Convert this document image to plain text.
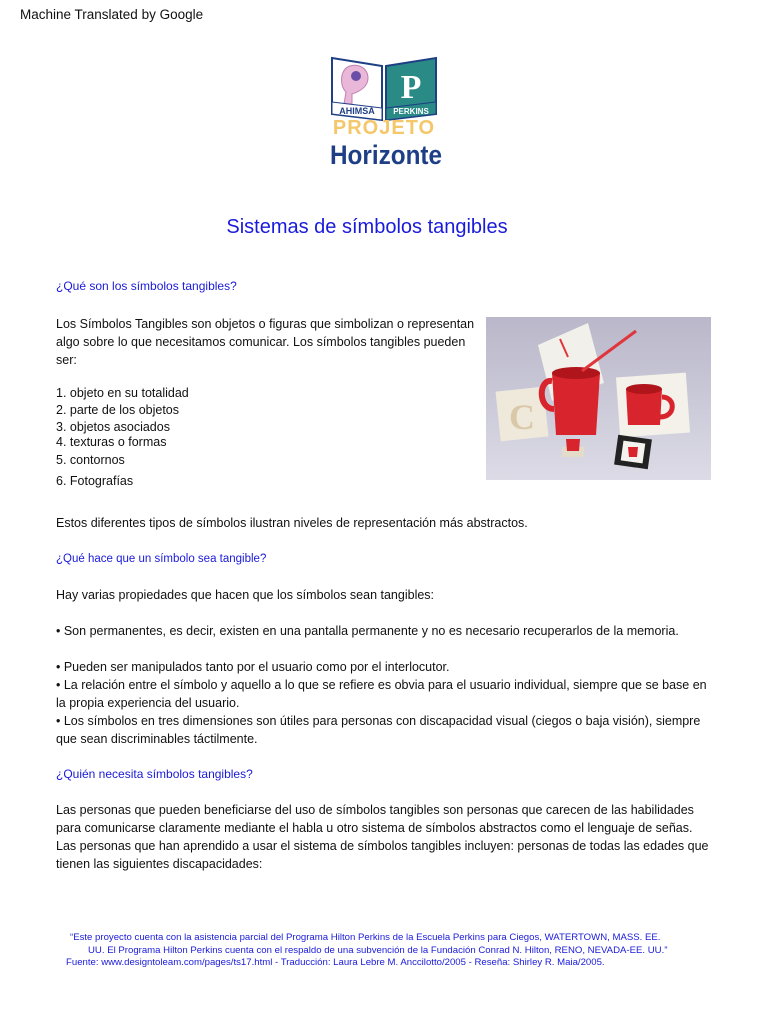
Machine Translated by Google
P
AHIMSA PERKINS
PROJETO
Horizonte
Sistemas de símbolos tangibles
¿Qué son los símbolos tangibles?
Los Símbolos Tangibles son objetos o figuras que simbolizan o representan algo sobre lo que necesitamos comunicar. Los símbolos tangibles pueden ser:
1. objeto en su totalidad
2. parte de los objetos
3. objetos asociados
4. texturas o formas
5. contornos
6. Fotografías
C
Estos diferentes tipos de símbolos ilustran niveles de representación más abstractos.
¿Qué hace que un símbolo sea tangible?
Hay varias propiedades que hacen que los símbolos sean tangibles:
• Son permanentes, es decir, existen en una pantalla permanente y no es necesario recuperarlos de la memoria.
• Pueden ser manipulados tanto por el usuario como por el interlocutor.
• La relación entre el símbolo y aquello a lo que se refiere es obvia para el usuario individual, siempre que se base en la propia experiencia del usuario.
• Los símbolos en tres dimensiones son útiles para personas con discapacidad visual (ciegos o baja visión), siempre que sean discriminables táctilmente.
¿Quién necesita símbolos tangibles?
Las personas que pueden beneficiarse del uso de símbolos tangibles son personas que carecen de las habilidades para comunicarse claramente mediante el habla u otro sistema de símbolos abstractos como el lenguaje de señas. Las personas que han aprendido a usar el sistema de símbolos tangibles incluyen: personas de todas las edades que tienen las siguientes discapacidades:
“Este proyecto cuenta con la asistencia parcial del Programa Hilton Perkins de la Escuela Perkins para Ciegos, WATERTOWN, MASS. EE.
UU. El Programa Hilton Perkins cuenta con el respaldo de una subvención de la Fundación Conrad N. Hilton, RENO, NEVADA-EE. UU.”
Fuente: www.designtoleam.com/pages/ts17.html - Traducción: Laura Lebre M. Anccilotto/2005 - Reseña: Shirley R. Maia/2005.
